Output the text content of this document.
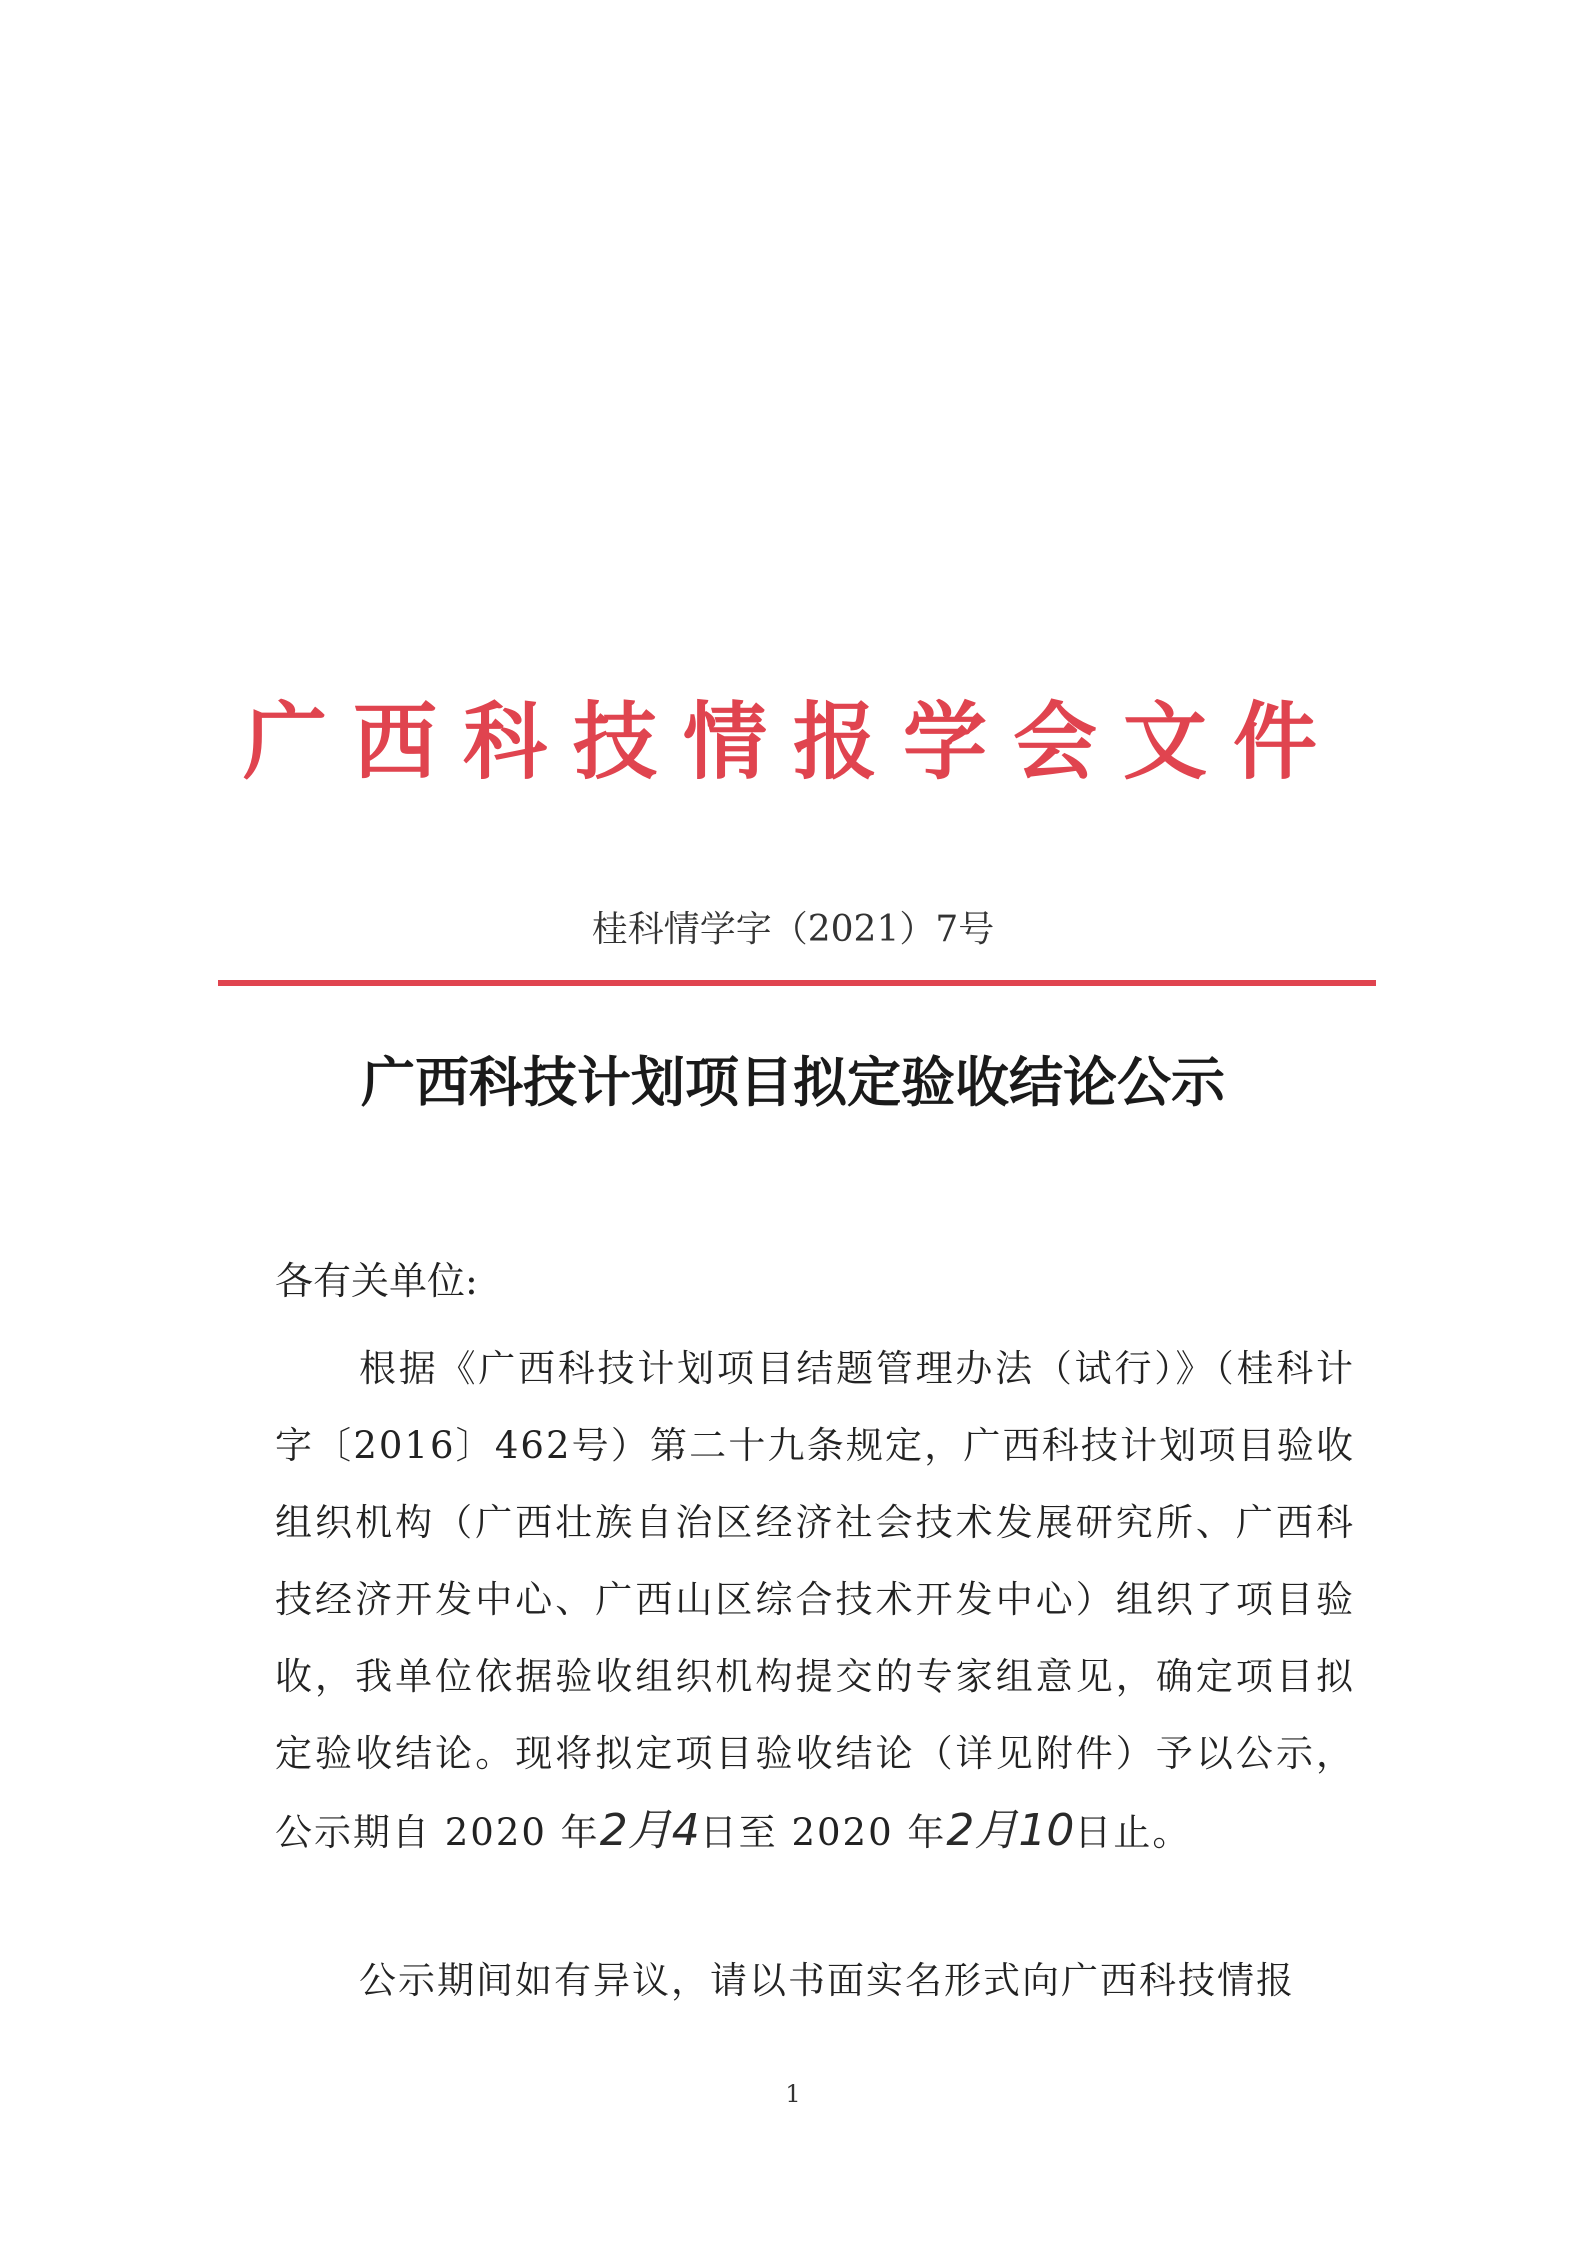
广西科技情报学会文件
桂科情学字（2021）7号
广西科技计划项目拟定验收结论公示
各有关单位:

根据《广西科技计划项目结题管理办法（试行）》（桂科计字〔2016〕462号）第二十九条规定，广西科技计划项目验收组织机构（广西壮族自治区经济社会技术发展研究所、广西科技经济开发中心、广西山区综合技术开发中心）组织了项目验收，我单位依据验收组织机构提交的专家组意见，确定项目拟定验收结论。现将拟定项目验收结论（详见附件）予以公示，公示期自 2020 年2月4日至 2020 年2月10日止。

公示期间如有异议，请以书面实名形式向广西科技情报

1
